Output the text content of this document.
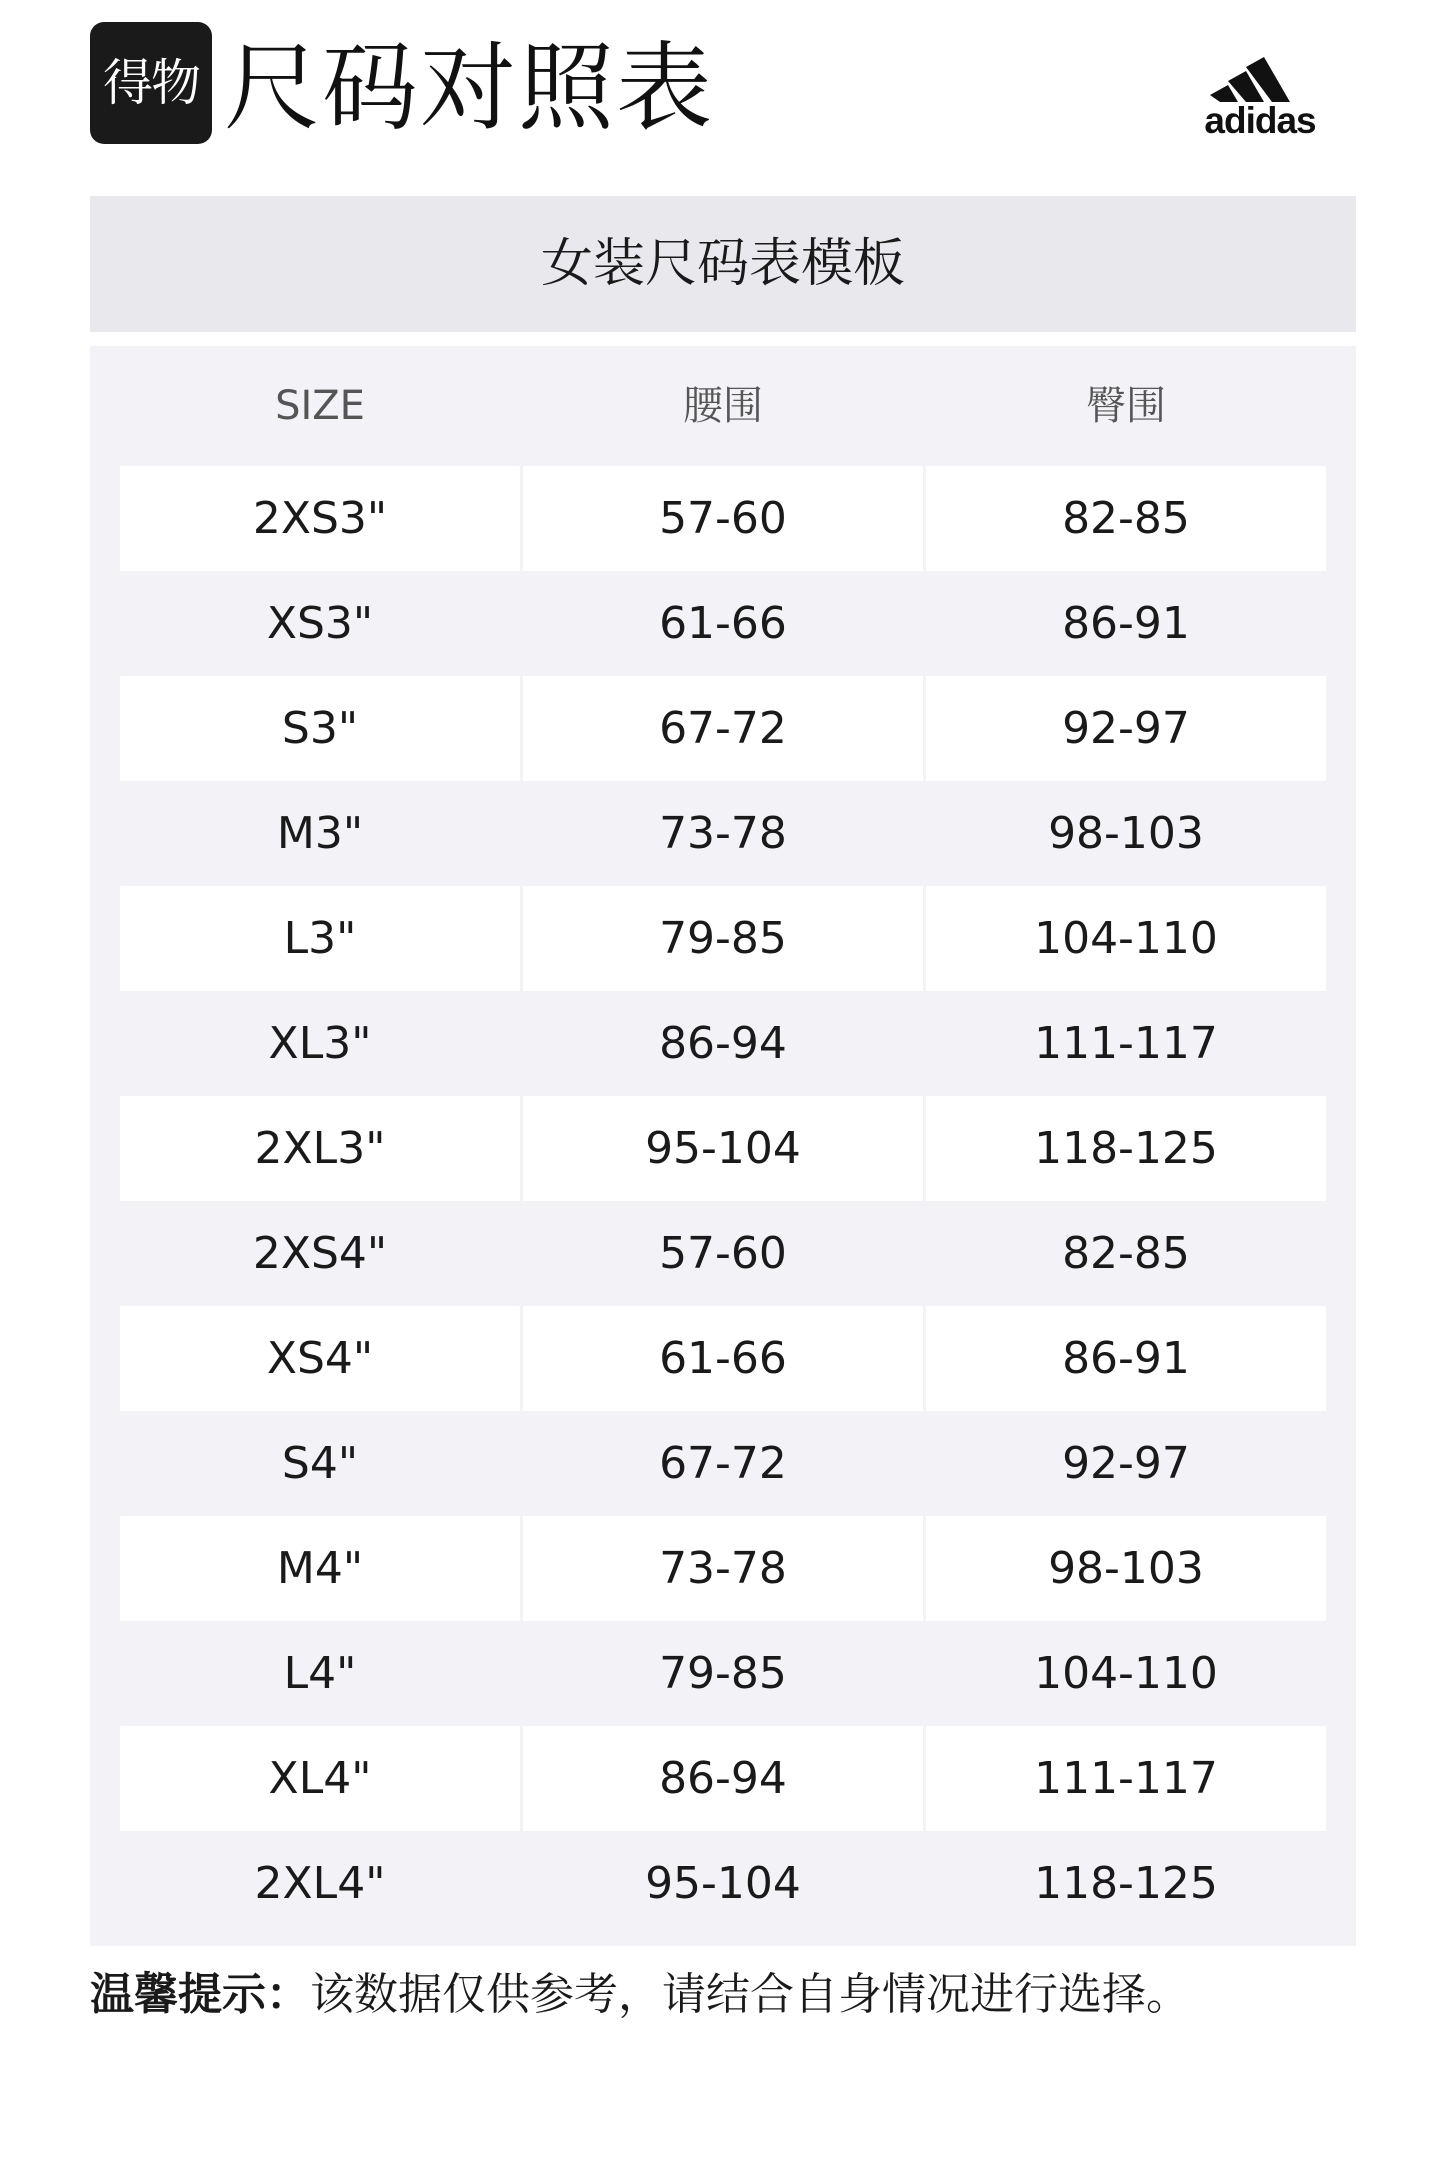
得物 尺码对照表	adidas
女装尺码表模板
SIZE	腰围	臀围
2XS3"	57-60	82-85
XS3"	61-66	86-91
S3"	67-72	92-97
M3"	73-78	98-103
L3"	79-85	104-110
XL3"	86-94	111-117
2XL3"	95-104	118-125
2XS4"	57-60	82-85
XS4"	61-66	86-91
S4"	67-72	92-97
M4"	73-78	98-103
L4"	79-85	104-110
XL4"	86-94	111-117
2XL4"	95-104	118-125
温馨提示：该数据仅供参考，请结合自身情况进行选择。
